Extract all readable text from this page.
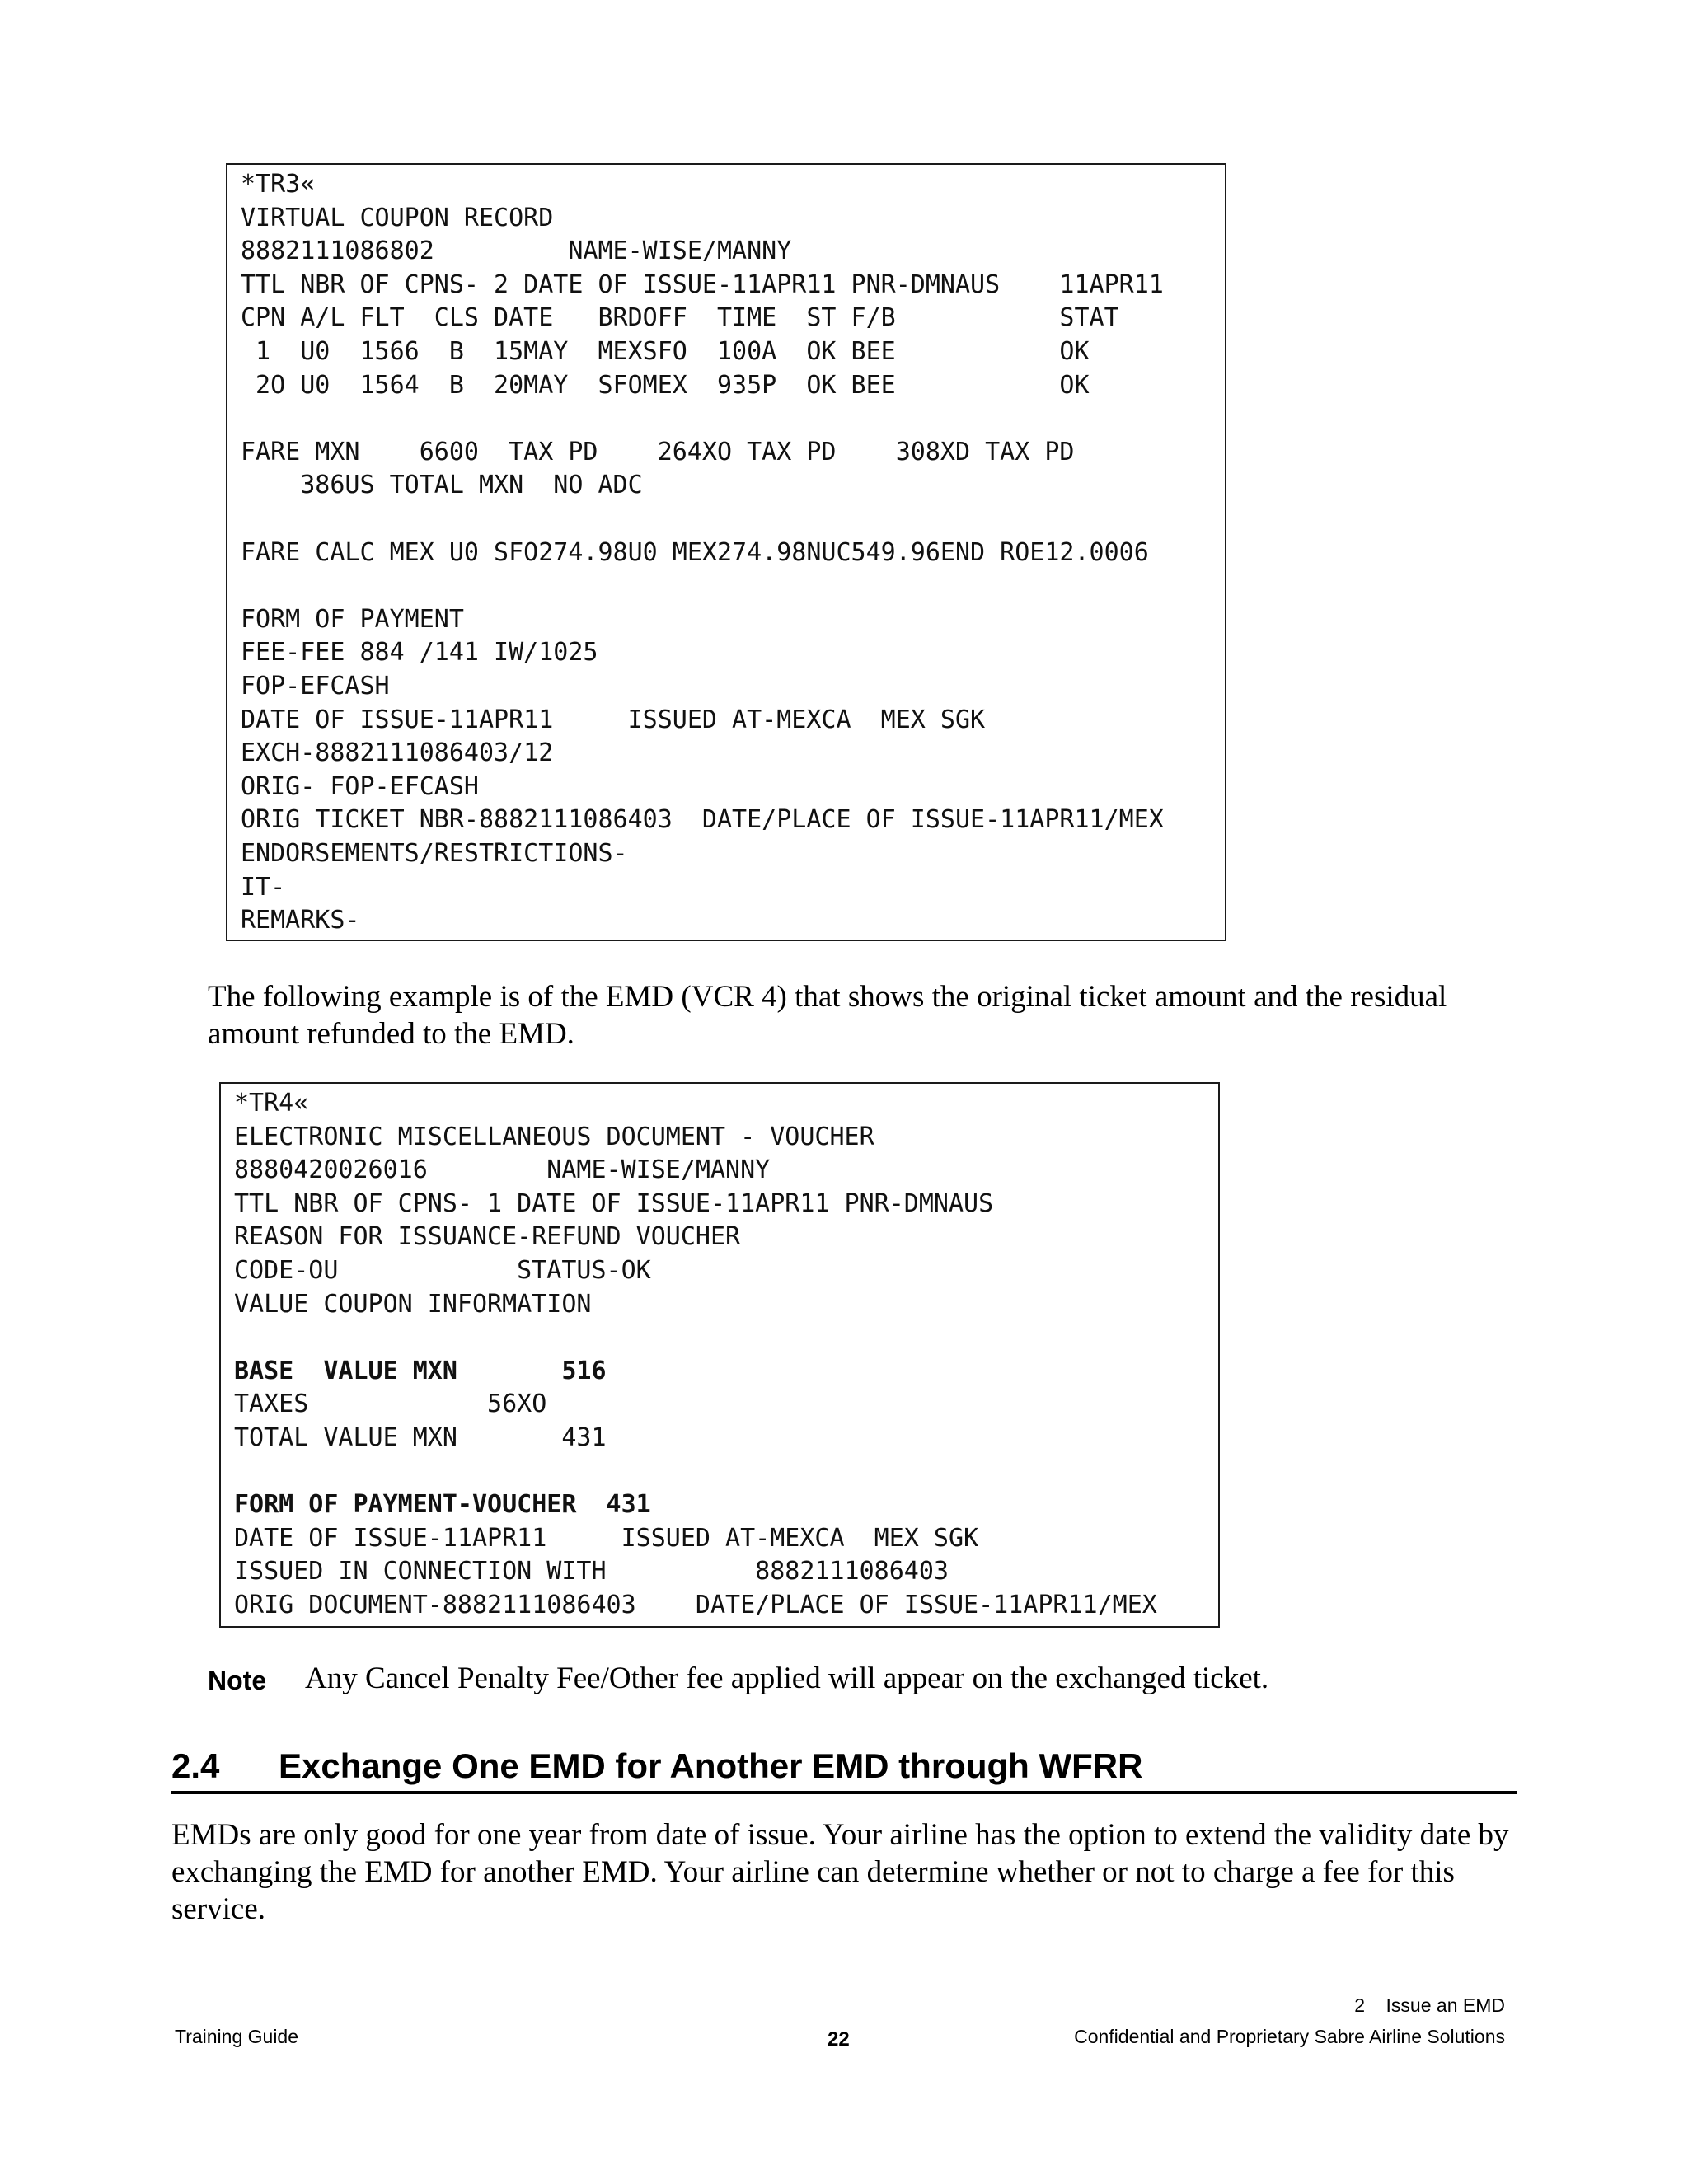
*TR3«
VIRTUAL COUPON RECORD
8882111086802         NAME-WISE/MANNY
TTL NBR OF CPNS- 2 DATE OF ISSUE-11APR11 PNR-DMNAUS    11APR11
CPN A/L FLT  CLS DATE   BRDOFF  TIME  ST F/B           STAT
1  U0  1566  B  15MAY  MEXSFO  100A  OK BEE           OK
2O U0  1564  B  20MAY  SFOMEX  935P  OK BEE           OK
FARE MXN    6600  TAX PD    264XO TAX PD    308XD TAX PD
386US TOTAL MXN  NO ADC
FARE CALC MEX U0 SFO274.98U0 MEX274.98NUC549.96END ROE12.0006
FORM OF PAYMENT
FEE-FEE 884 /141 IW/1025
FOP-EFCASH
DATE OF ISSUE-11APR11     ISSUED AT-MEXCA  MEX SGK
EXCH-8882111086403/12
ORIG- FOP-EFCASH
ORIG TICKET NBR-8882111086403  DATE/PLACE OF ISSUE-11APR11/MEX
ENDORSEMENTS/RESTRICTIONS-
IT-
REMARKS-
The following example is of the EMD (VCR 4) that shows the original ticket amount and the residual amount refunded to the EMD.
*TR4«
ELECTRONIC MISCELLANEOUS DOCUMENT - VOUCHER
8880420026016        NAME-WISE/MANNY
TTL NBR OF CPNS- 1 DATE OF ISSUE-11APR11 PNR-DMNAUS
REASON FOR ISSUANCE-REFUND VOUCHER
CODE-OU            STATUS-OK
VALUE COUPON INFORMATION
BASE  VALUE MXN       516
TAXES            56XO
TOTAL VALUE MXN       431
FORM OF PAYMENT-VOUCHER  431
DATE OF ISSUE-11APR11     ISSUED AT-MEXCA  MEX SGK
ISSUED IN CONNECTION WITH          8882111086403
ORIG DOCUMENT-8882111086403    DATE/PLACE OF ISSUE-11APR11/MEX
Note Any Cancel Penalty Fee/Other fee applied will appear on the exchanged ticket.
2.4 Exchange One EMD for Another EMD through WFRR
EMDs are only good for one year from date of issue. Your airline has the option to extend the validity date by exchanging the EMD for another EMD. Your airline can determine whether or not to charge a fee for this service.
2    Issue an EMD
Training Guide	22	Confidential and Proprietary Sabre Airline Solutions
